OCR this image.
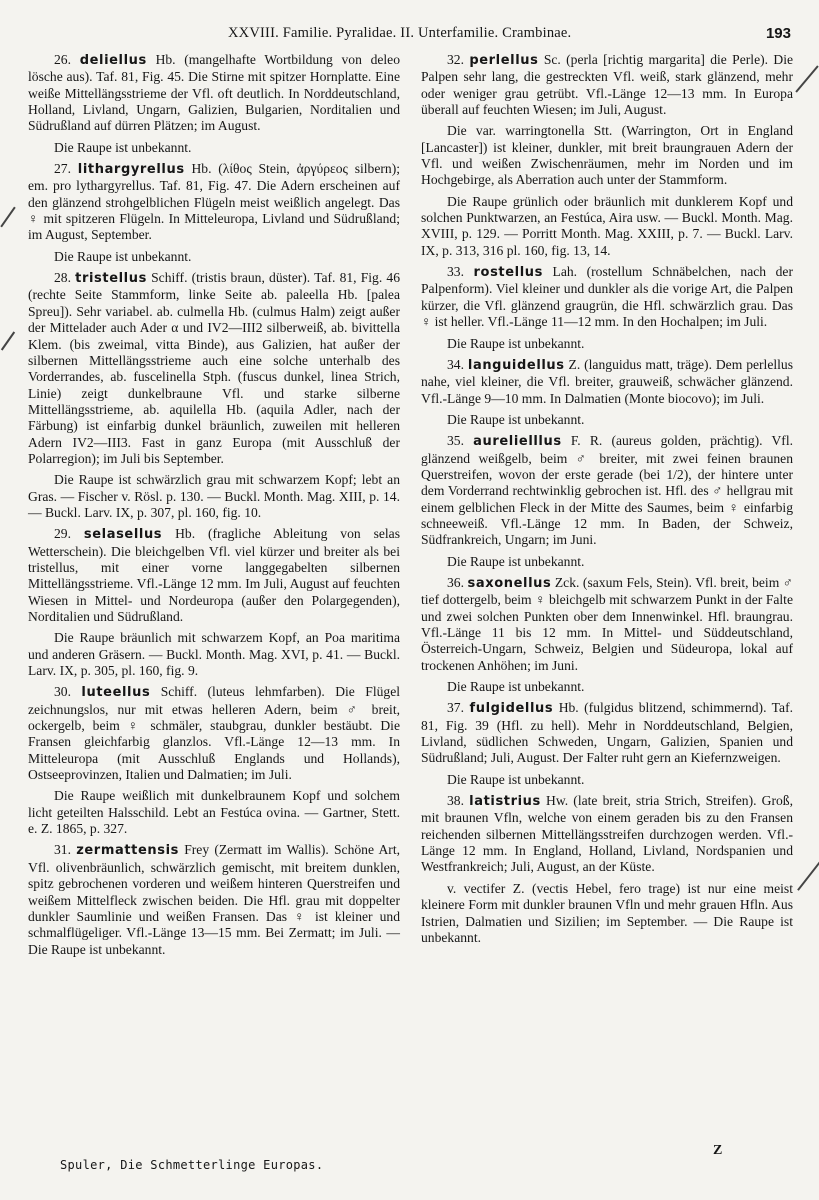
XXVIII. Familie. Pyralidae. II. Unterfamilie. Crambinae.	193

26. deliellus Hb. (mangelhafte Wortbildung von deleo lösche aus). Taf. 81, Fig. 45. Die Stirne mit spitzer Hornplatte. Eine weiße Mittellängsstrieme der Vfl. oft deutlich. In Norddeutschland, Holland, Livland, Ungarn, Galizien, Bulgarien, Norditalien und Südrußland auf dürren Plätzen; im August.

Die Raupe ist unbekannt.

27. lithargyrellus Hb. (λίθος Stein, ἀργύρεος silbern); em. pro lythargyrellus. Taf. 81, Fig. 47. Die Adern erscheinen auf den glänzend strohgelblichen Flügeln meist weißlich angelegt. Das ♀ mit spitzeren Flügeln. In Mitteleuropa, Livland und Südrußland; im August, September.

Die Raupe ist unbekannt.

28. tristellus Schiff. (tristis braun, düster). Taf. 81, Fig. 46 (rechte Seite Stammform, linke Seite ab. paleella Hb. [palea Spreu]). Sehr variabel. ab. culmella Hb. (culmus Halm) zeigt außer der Mittelader auch Ader α und IV2—III2 silberweiß, ab. bivittella Klem. (bis zweimal, vitta Binde), aus Galizien, hat außer der silbernen Mittellängsstrieme auch eine solche unterhalb des Vorderrandes, ab. fuscelinella Stph. (fuscus dunkel, linea Strich, Linie) zeigt dunkelbraune Vfl. und starke silberne Mittellängsstrieme, ab. aquilella Hb. (aquila Adler, nach der Färbung) ist einfarbig dunkel bräunlich, zuweilen mit helleren Adern IV2—III3. Fast in ganz Europa (mit Ausschluß der Polarregion); im Juli bis September.

Die Raupe ist schwärzlich grau mit schwarzem Kopf; lebt an Gras. — Fischer v. Rösl. p. 130. — Buckl. Month. Mag. XIII, p. 14. — Buckl. Larv. IX, p. 307, pl. 160, fig. 10.

29. selasellus Hb. (fragliche Ableitung von selas Wetterschein). Die bleichgelben Vfl. viel kürzer und breiter als bei tristellus, mit einer vorne langgegabelten silbernen Mittellängsstrieme. Vfl.-Länge 12 mm. Im Juli, August auf feuchten Wiesen in Mittel- und Nordeuropa (außer den Polargegenden), Norditalien und Südrußland.

Die Raupe bräunlich mit schwarzem Kopf, an Poa maritima und anderen Gräsern. — Buckl. Month. Mag. XVI, p. 41. — Buckl. Larv. IX, p. 305, pl. 160, fig. 9.

30. luteellus Schiff. (luteus lehmfarben). Die Flügel zeichnungslos, nur mit etwas helleren Adern, beim ♂ breit, ockergelb, beim ♀ schmäler, staubgrau, dunkler bestäubt. Die Fransen gleichfarbig glanzlos. Vfl.-Länge 12—13 mm. In Mitteleuropa (mit Ausschluß Englands und Hollands), Ostseeprovinzen, Italien und Dalmatien; im Juli.

Die Raupe weißlich mit dunkelbraunem Kopf und solchem licht geteilten Halsschild. Lebt an Festúca ovina. — Gartner, Stett. e. Z. 1865, p. 327.

31. zermattensis Frey (Zermatt im Wallis). Schöne Art, Vfl. olivenbräunlich, schwärzlich gemischt, mit breitem dunklen, spitz gebrochenen vorderen und weißem hinteren Querstreifen und weißem Mittelfleck zwischen beiden. Die Hfl. grau mit doppelter dunkler Saumlinie und weißen Fransen. Das ♀ ist kleiner und schmalflügeliger. Vfl.-Länge 13—15 mm. Bei Zermatt; im Juli. — Die Raupe ist unbekannt.

32. perlellus Sc. (perla [richtig margarita] die Perle). Die Palpen sehr lang, die gestreckten Vfl. weiß, stark glänzend, mehr oder weniger grau getrübt. Vfl.-Länge 12—13 mm. In Europa überall auf feuchten Wiesen; im Juli, August.

Die var. warringtonella Stt. (Warrington, Ort in England [Lancaster]) ist kleiner, dunkler, mit breit braungrauen Adern der Vfl. und weißen Zwischenräumen, mehr im Norden und im Hochgebirge, als Aberration auch unter der Stammform.

Die Raupe grünlich oder bräunlich mit dunklerem Kopf und solchen Punktwarzen, an Festúca, Aira usw. — Buckl. Month. Mag. XVIII, p. 129. — Porritt Month. Mag. XXIII, p. 7. — Buckl. Larv. IX, p. 313, 316 pl. 160, fig. 13, 14.

33. rostellus Lah. (rostellum Schnäbelchen, nach der Palpenform). Viel kleiner und dunkler als die vorige Art, die Palpen kürzer, die Vfl. glänzend graugrün, die Hfl. schwärzlich grau. Das ♀ ist heller. Vfl.-Länge 11—12 mm. In den Hochalpen; im Juli.

Die Raupe ist unbekannt.

34. languidellus Z. (languidus matt, träge). Dem perlellus nahe, viel kleiner, die Vfl. breiter, grauweiß, schwächer glänzend. Vfl.-Länge 9—10 mm. In Dalmatien (Monte biocovo); im Juli.

Die Raupe ist unbekannt.

35. aurelielllus F. R. (aureus golden, prächtig). Vfl. glänzend weißgelb, beim ♂ breiter, mit zwei feinen braunen Querstreifen, wovon der erste gerade (bei 1/2), der hintere unter dem Vorderrand rechtwinklig gebrochen ist. Hfl. des ♂ hellgrau mit einem gelblichen Fleck in der Mitte des Saumes, beim ♀ einfarbig schneeweiß. Vfl.-Länge 12 mm. In Baden, der Schweiz, Südfrankreich, Ungarn; im Juni.

Die Raupe ist unbekannt.

36. saxonellus Zck. (saxum Fels, Stein). Vfl. breit, beim ♂ tief dottergelb, beim ♀ bleichgelb mit schwarzem Punkt in der Falte und zwei solchen Punkten ober dem Innenwinkel. Hfl. braungrau. Vfl.-Länge 11 bis 12 mm. In Mittel- und Süddeutschland, Österreich-Ungarn, Schweiz, Belgien und Südeuropa, lokal auf trockenen Anhöhen; im Juni.

Die Raupe ist unbekannt.

37. fulgidellus Hb. (fulgidus blitzend, schimmernd). Taf. 81, Fig. 39 (Hfl. zu hell). Mehr in Norddeutschland, Belgien, Livland, südlichen Schweden, Ungarn, Galizien, Spanien und Südrußland; Juli, August. Der Falter ruht gern an Kiefernzweigen.

Die Raupe ist unbekannt.

38. latistrius Hw. (late breit, stria Strich, Streifen). Groß, mit braunen Vfln, welche von einem geraden bis zu den Fransen reichenden silbernen Mittellängsstreifen durchzogen werden. Vfl.-Länge 12 mm. In England, Holland, Livland, Nordspanien und Westfrankreich; Juli, August, an der Küste.

v. vectifer Z. (vectis Hebel, fero trage) ist nur eine meist kleinere Form mit dunkler braunen Vfln und mehr grauen Hfln. Aus Istrien, Dalmatien und Sizilien; im September. — Die Raupe ist unbekannt.

Spuler, Die Schmetterlinge Europas.
Z
